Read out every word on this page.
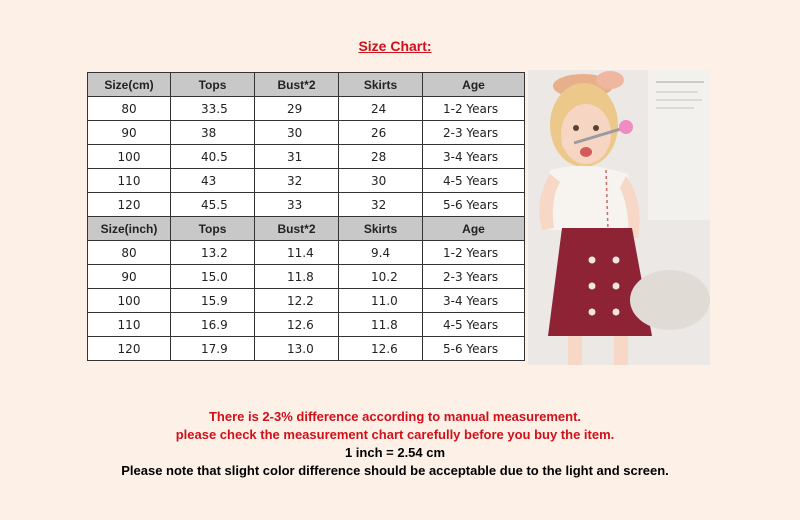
Size Chart:
Size(cm)	Tops	Bust*2	Skirts	Age
80	33.5	29	24	1-2 Years
90	38	30	26	2-3 Years
100	40.5	31	28	3-4 Years
110	43	32	30	4-5 Years
120	45.5	33	32	5-6 Years
Size(inch)	Tops	Bust*2	Skirts	Age
80	13.2	11.4	9.4	1-2 Years
90	15.0	11.8	10.2	2-3 Years
100	15.9	12.2	11.0	3-4 Years
110	16.9	12.6	11.8	4-5 Years
120	17.9	13.0	12.6	5-6 Years
There is 2-3% difference according to manual measurement.
please check the measurement chart carefully before you buy the item.
1 inch = 2.54 cm
Please note that slight color difference should be acceptable due to the light and screen.
